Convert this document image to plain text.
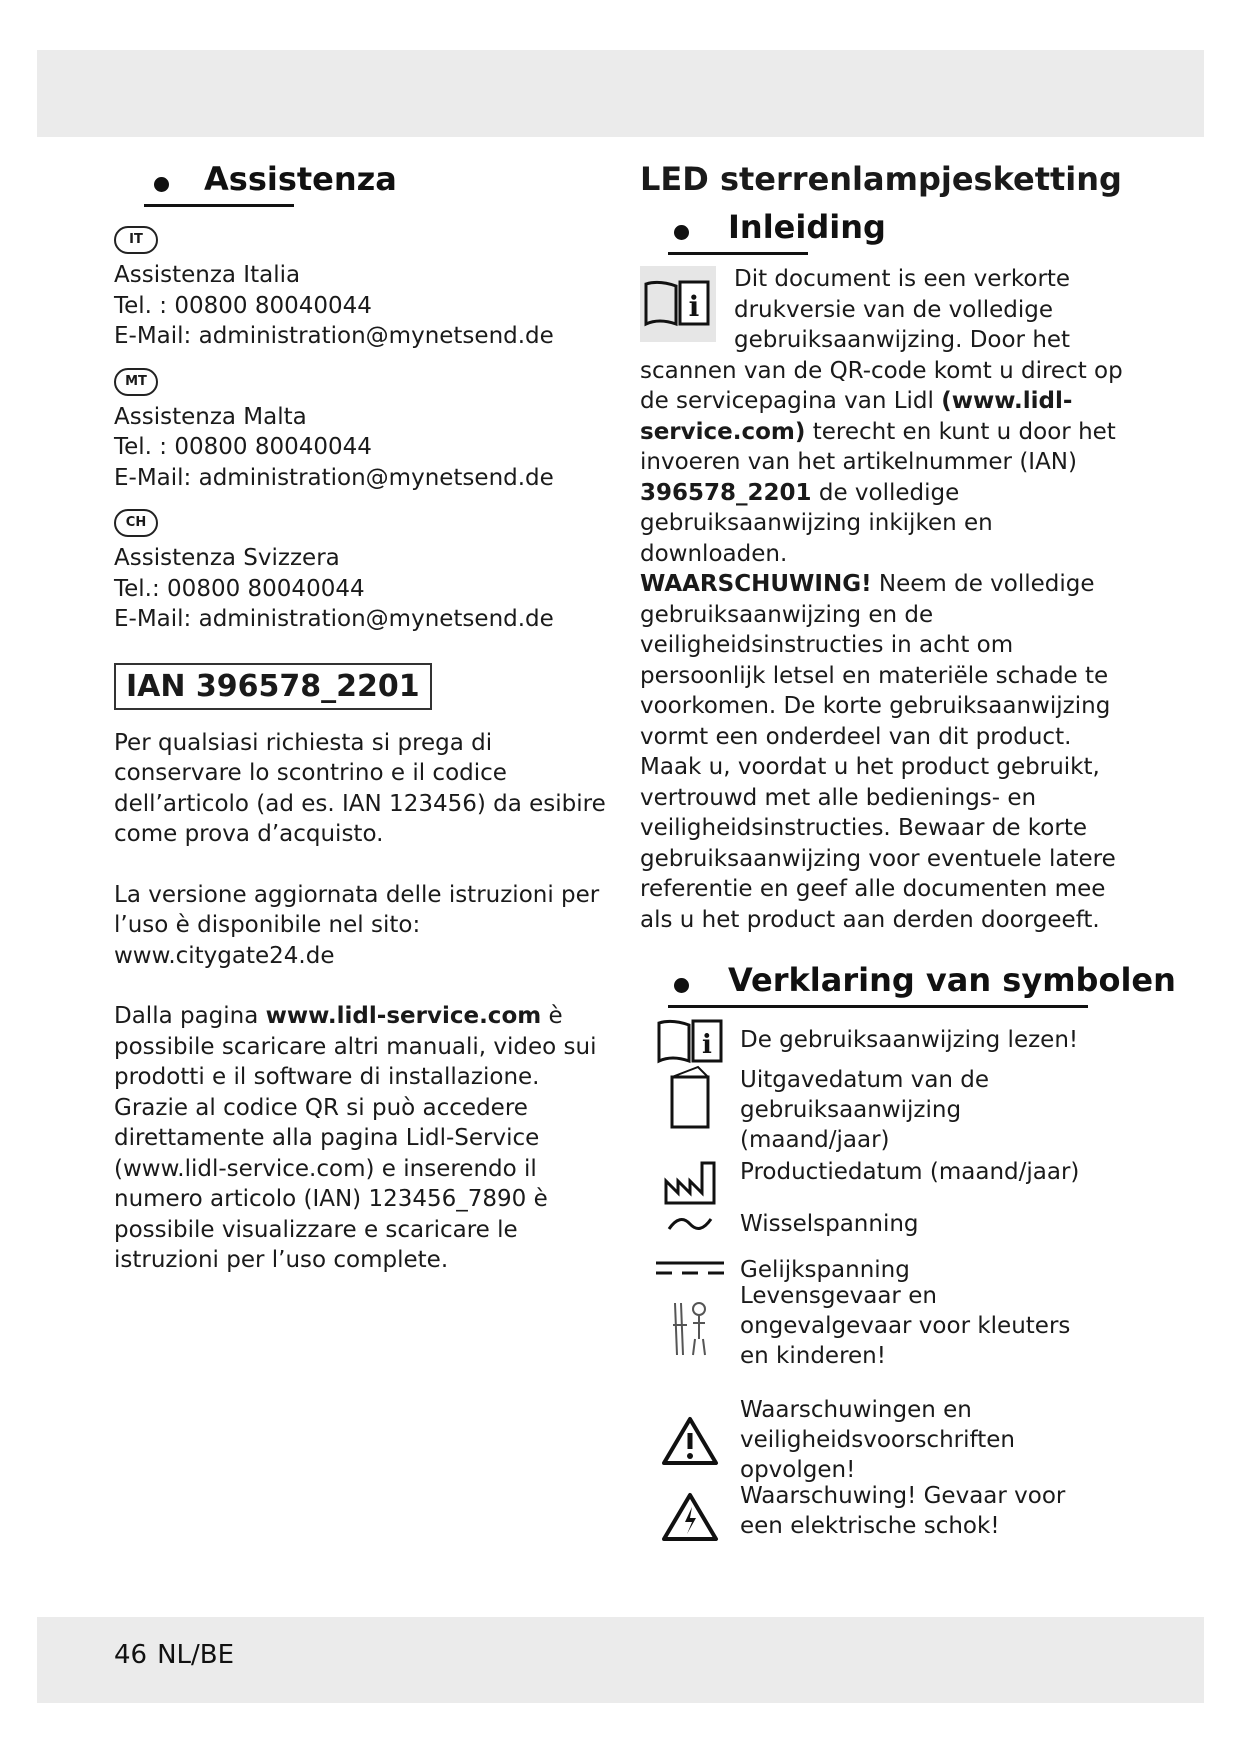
Assistenza
IT
Assistenza Italia
Tel. : 00800 80040044
E-Mail: administration@mynetsend.de
MT
Assistenza Malta
Tel. : 00800 80040044
E-Mail: administration@mynetsend.de
CH
Assistenza Svizzera
Tel.: 00800 80040044
E-Mail: administration@mynetsend.de
IAN 396578_2201

Per qualsiasi richiesta si prega di conservare lo scontrino e il codice dell’articolo (ad es. IAN 123456) da esibire come prova d’acquisto.

La versione aggiornata delle istruzioni per l’uso è disponibile nel sito: www.citygate24.de

Dalla pagina www.lidl-service.com è possibile scaricare altri manuali, video sui prodotti e il software di installazione. Grazie al codice QR si può accedere direttamente alla pagina Lidl-Service (www.lidl-service.com) e inserendo il numero articolo (IAN) 123456_7890 è possibile visualizzare e scaricare le istruzioni per l’uso complete.

LED sterrenlampjesketting
Inleiding
i
Dit document is een verkorte
drukversie van de volledige
gebruiksaanwijzing. Door het
scannen van de QR-code komt u direct op de servicepagina van Lidl (www.lidl-service.com) terecht en kunt u door het invoeren van het artikelnummer (IAN) 396578_2201 de volledige gebruiksaanwijzing inkijken en downloaden.
WAARSCHUWING! Neem de volledige gebruiksaanwijzing en de veiligheidsinstructies in acht om persoonlijk letsel en materiële schade te voorkomen. De korte gebruiksaanwijzing vormt een onderdeel van dit product. Maak u, voordat u het product gebruikt, vertrouwd met alle bedienings- en veiligheidsinstructies. Bewaar de korte gebruiksaanwijzing voor eventuele latere referentie en geef alle documenten mee als u het product aan derden doorgeeft.
Verklaring van symbolen
i De gebruiksaanwijzing lezen!
Uitgavedatum van de gebruiksaanwijzing (maand/jaar)
Productiedatum (maand/jaar)
Wisselspanning
Gelijkspanning
Levensgevaar en ongevalgevaar voor kleuters en kinderen!
Waarschuwingen en veiligheidsvoorschriften opvolgen!
Waarschuwing! Gevaar voor een elektrische schok!
46 NL/BE
